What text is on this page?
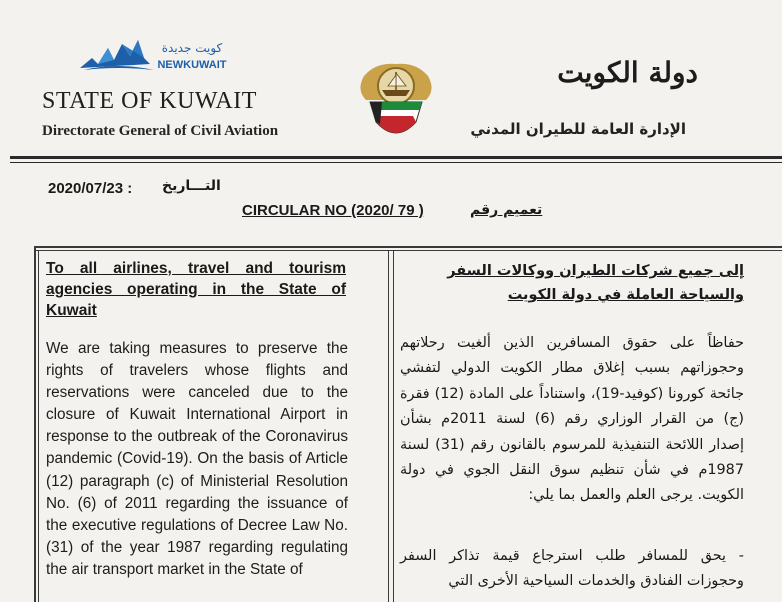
كويت جديدة
NEWKUWAIT
STATE OF KUWAIT
Directorate General of Civil Aviation
دولة الكويت
الإدارة العامة للطيران المدني
2020/07/23 : التـــاريخ
CIRCULAR NO (2020/ 79 )	تعميم رقم
To all airlines, travel and tourism agencies operating in the State of Kuwait
We are taking measures to preserve the rights of travelers whose flights and reservations were canceled due to the closure of Kuwait International Airport in response to the outbreak of the Coronavirus pandemic (Covid-19). On the basis of Article (12) paragraph (c) of Ministerial Resolution No. (6) of 2011 regarding the issuance of the executive regulations of Decree Law No. (31) of the year 1987 regarding regulating the air transport market in the State of
إلى جميع شركات الطيران ووكالات السفر والسياحة العاملة في دولة الكويت
حفاظاً على حقوق المسافرين الذين ألغيت رحلاتهم وحجوزاتهم بسبب إغلاق مطار الكويت الدولي لتفشي جائحة كورونا (كوفيد-19)، واستناداً على المادة (12) فقرة (ج) من القرار الوزاري رقم (6) لسنة 2011م بشأن إصدار اللائحة التنفيذية للمرسوم بالقانون رقم (31) لسنة 1987م في شأن تنظيم سوق النقل الجوي في دولة الكويت. يرجى العلم والعمل بما يلي:
- يحق للمسافر طلب استرجاع قيمة تذاكر السفر وحجوزات الفنادق والخدمات السياحية الأخرى التي
